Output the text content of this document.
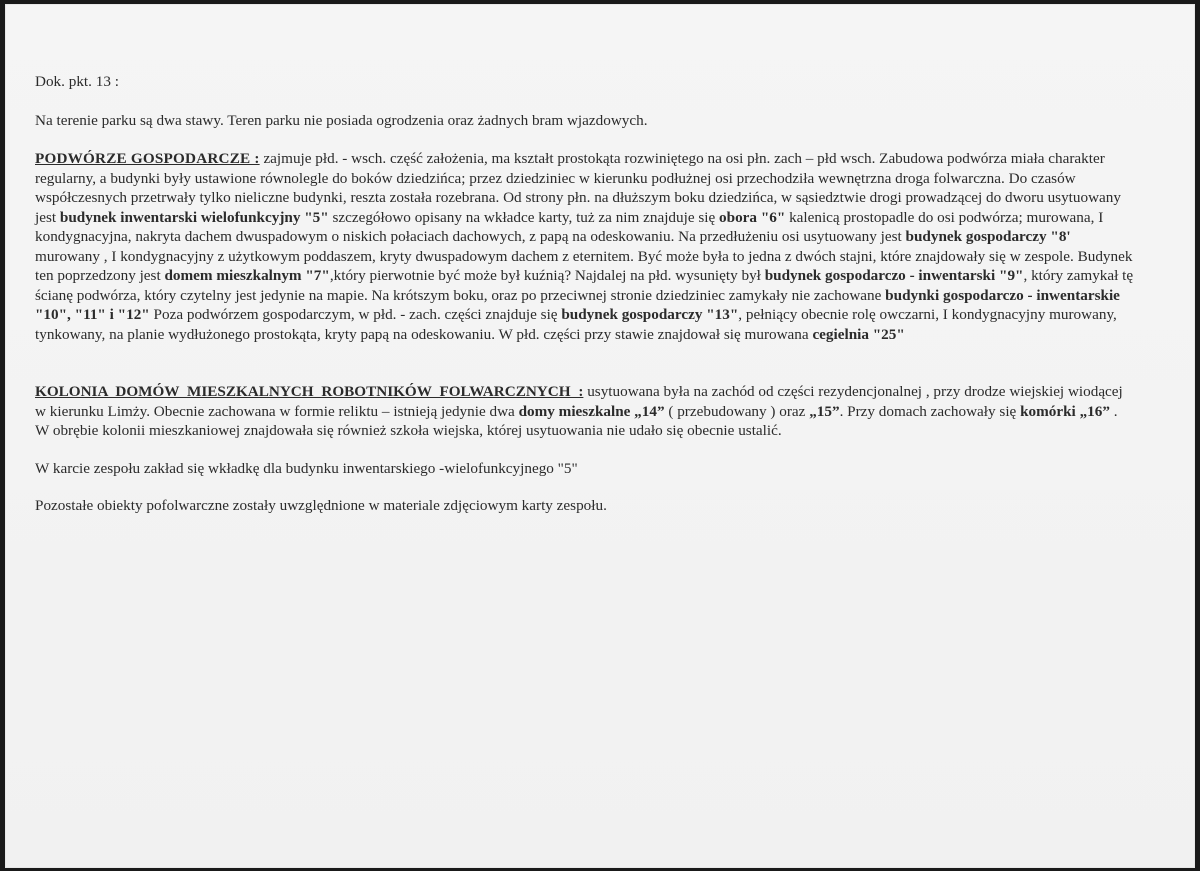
Dok. pkt. 13 :

Na terenie parku są dwa stawy. Teren parku nie posiada ogrodzenia oraz żadnych bram wjazdowych.

PODWÓRZE GOSPODARCZE : zajmuje płd. - wsch. część założenia, ma kształt prostokąta rozwiniętego na osi płn. zach – płd wsch. Zabudowa podwórza miała charakter regularny, a budynki były ustawione równolegle do boków dziedzińca; przez dziedziniec w kierunku podłużnej osi przechodziła wewnętrzna droga folwarczna. Do czasów współczesnych przetrwały tylko nieliczne budynki, reszta została rozebrana. Od strony płn. na dłuższym boku dziedzińca, w sąsiedztwie drogi prowadzącej do dworu usytuowany jest budynek inwentarski wielofunkcyjny "5" szczegółowo opisany na wkładce karty, tuż za nim znajduje się obora "6" kalenicą prostopadle do osi podwórza; murowana, I kondygnacyjna, nakryta dachem dwuspadowym o niskich połaciach dachowych, z papą na odeskowaniu. Na przedłużeniu osi usytuowany jest budynek gospodarczy "8' murowany , I kondygnacyjny z użytkowym poddaszem, kryty dwuspadowym dachem z eternitem. Być może była to jedna z dwóch stajni, które znajdowały się w zespole. Budynek ten poprzedzony jest domem mieszkalnym "7",który pierwotnie być może był kuźnią? Najdalej na płd. wysunięty był budynek gospodarczo - inwentarski "9", który zamykał tę ścianę podwórza, który czytelny jest jedynie na mapie. Na krótszym boku, oraz po przeciwnej stronie dziedziniec zamykały nie zachowane budynki gospodarczo - inwentarskie "10", "11" i "12" Poza podwórzem gospodarczym, w płd. - zach. części znajduje się budynek gospodarczy "13", pełniący obecnie rolę owczarni, I kondygnacyjny murowany, tynkowany, na planie wydłużonego prostokąta, kryty papą na odeskowaniu. W płd. części przy stawie znajdował się murowana cegielnia "25"

KOLONIA DOMÓW MIESZKALNYCH ROBOTNIKÓW FOLWARCZNYCH : usytuowana była na zachód od części rezydencjonalnej , przy drodze wiejskiej wiodącej w kierunku Limży. Obecnie zachowana w formie reliktu – istnieją jedynie dwa domy mieszkalne „14” ( przebudowany ) oraz „15”. Przy domach zachowały się komórki „16” . W obrębie kolonii mieszkaniowej znajdowała się również szkoła wiejska, której usytuowania nie udało się obecnie ustalić.

W karcie zespołu zakład się wkładkę dla budynku inwentarskiego -wielofunkcyjnego "5"

Pozostałe obiekty pofolwarczne zostały uwzględnione w materiale zdjęciowym karty zespołu.
